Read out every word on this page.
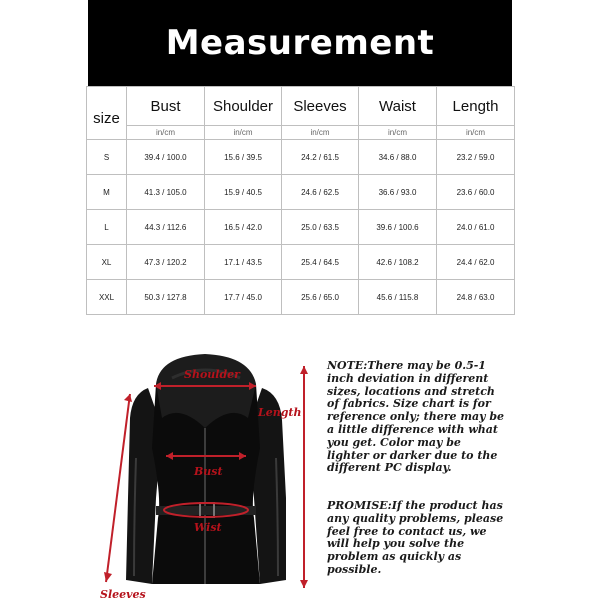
Measurement
size	Bust	Shoulder	Sleeves	Waist	Length
	in/cm	in/cm	in/cm	in/cm	in/cm
S	39.4 / 100.0	15.6 / 39.5	24.2 / 61.5	34.6 / 88.0	23.2 / 59.0
M	41.3 / 105.0	15.9 / 40.5	24.6 / 62.5	36.6 / 93.0	23.6 / 60.0
L	44.3 / 112.6	16.5 / 42.0	25.0 / 63.5	39.6 / 100.6	24.0 / 61.0
XL	47.3 / 120.2	17.1 / 43.5	25.4 / 64.5	42.6 / 108.2	24.4 / 62.0
XXL	50.3 / 127.8	17.7 / 45.0	25.6 / 65.0	45.6 / 115.8	24.8 / 63.0
Shoulder
Length
Bust
Wist
Sleeves

NOTE:There may be 0.5-1 inch deviation in different sizes, locations and stretch of fabrics. Size chart is for reference only; there may be a little difference with what you get. Color may be lighter or darker due to the different PC display.

PROMISE:If the product has any quality problems, please feel free to contact us, we will help you solve the problem as quickly as possible.
